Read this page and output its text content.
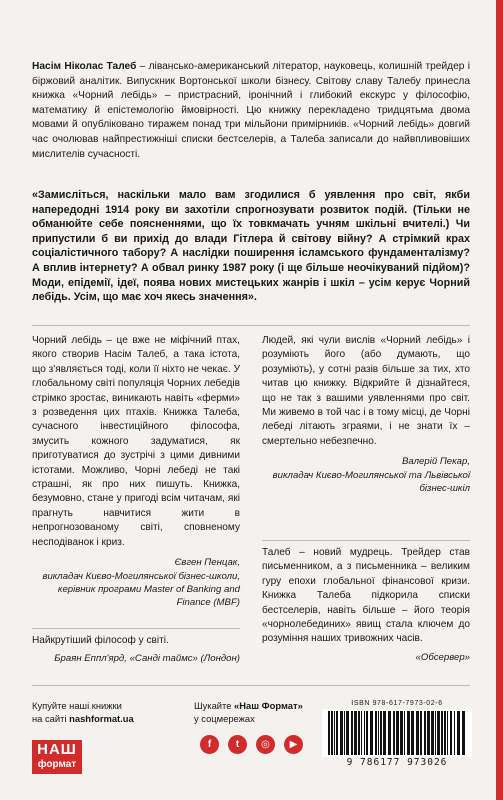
Насім Ніколас Талеб – ліванськo-американський літератор, науковець, колишній трейдер і біржовий аналітик. Випускник Вортонської школи бізнесу. Світову славу Талебу принесла книжка «Чорний лебідь» – пристрасний, іронічний і глибокий екскурс у філософію, математику й епістемологію ймовірності. Цю книжку перекладено тридцятьма двома мовами й опубліковано тиражем понад три мільйони примірників. «Чорний лебідь» довгий час очолював найпрестижніші списки бестселерів, а Талеба записали до найвпливовіших мислителів сучасності.

«Замисліться, наскільки мало вам згодилися б уявлення про світ, якби напередодні 1914 року ви захотіли спрогнозувати розвиток подій. (Тільки не обманюйте себе поясненнями, що їх товкмачать учням шкільні вчителі.) Чи припустили б ви прихід до влади Гітлера й світову війну? А стрімкий крах соціалістичного табору? А наслідки поширення ісламського фундаменталізму? А вплив інтернету? А обвал ринку 1987 року (і ще більше неочікуваний підйом)? Моди, епідемії, ідеї, поява нових мистецьких жанрів і шкіл – усім керує Чорний лебідь. Усім, що має хоч якесь значення».

Чорний лебідь – це вже не міфічний птах, якого створив Насім Талеб, а така істота, що з'являється тоді, коли її ніхто не чекає. У глобальному світі популяція Чорних лебедів стрімко зростає, виникають навіть «ферми» з розведення цих птахів. Книжка Талеба, сучасного інвестиційного філософа, змусить кожного задуматися, як приготуватися до зустрічі з цими дивними істотами. Можливо, Чорні лебеді не такі страшні, як про них пишуть. Книжка, безумовно, стане у пригоді всім читачам, які прагнуть навчитися жити в непрогнозованому світі, сповненому несподіванок і криз.

Євген Пенцак,
викладач Києво-Могилянської бізнес-школи, керівник програми Master of Banking and Finance (MBF)

Найкрутіший філософ у світі.

Браян Еппл'ярд, «Санді таймс» (Лондон)

Людей, які чули вислів «Чорний лебідь» і розуміють його (або думають, що розуміють), у сотні разів більше за тих, хто читав цю книжку. Відкрийте й дізнайтеся, що не так з вашими уявленнями про світ. Ми живемо в той час і в тому місці, де Чорні лебеді літають зграями, і не знати їх – смертельно небезпечно.

Валерій Пекар,
викладач Києво-Могилянської та Львівської бізнес-шкіл

Талеб – новий мудрець. Трейдер став письменником, а з письменника – великим гуру епохи глобальної фінансової кризи. Книжка Талеба підкорила списки бестселерів, навіть більше – його теорія «чорнолебединих» явищ стала ключем до розуміння наших тривожних часів.

«Обсервер»

Купуйте наші книжки

на сайті nashformat.ua

НАШ
формат

Шукайте «Наш Формат»

у соцмережах

f	t	◎	▶
ISBN 978-617-7973-02-6
9 786177 973026
